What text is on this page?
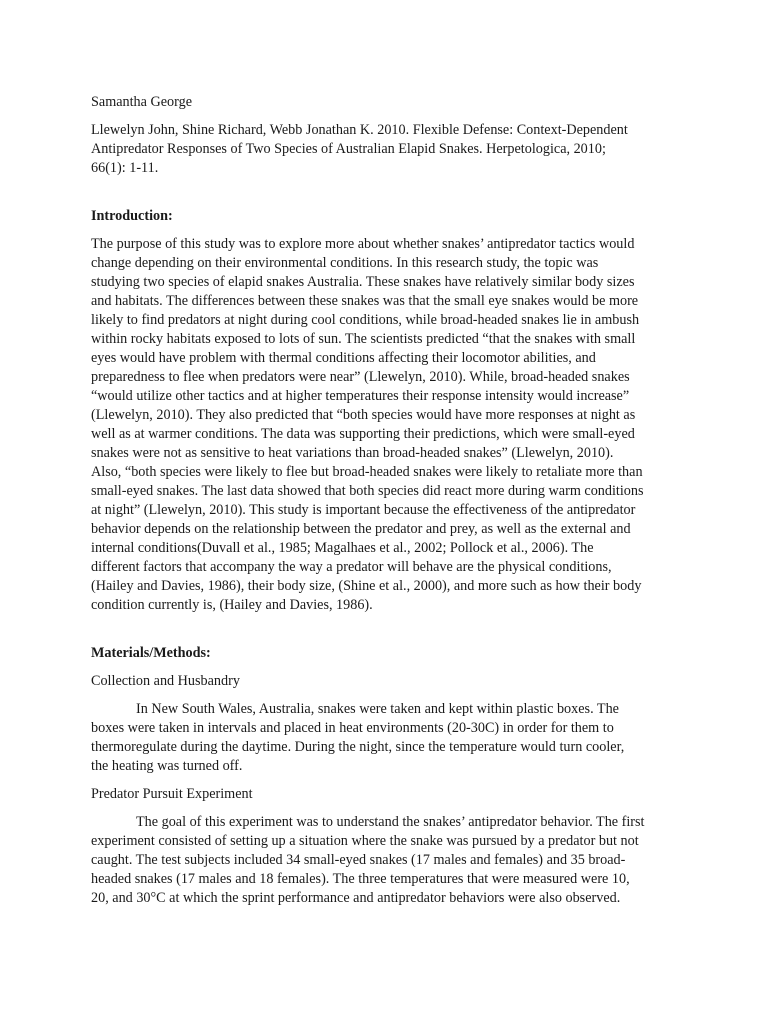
Samantha George
Llewelyn John, Shine Richard, Webb Jonathan K. 2010. Flexible Defense: Context-Dependent
Antipredator Responses of Two Species of Australian Elapid Snakes. Herpetologica, 2010;
66(1): 1-11.
Introduction:
The purpose of this study was to explore more about whether snakes’ antipredator tactics would
change depending on their environmental conditions. In this research study, the topic was
studying two species of elapid snakes Australia. These snakes have relatively similar body sizes
and habitats. The differences between these snakes was that the small eye snakes would be more
likely to find predators at night during cool conditions, while broad-headed snakes lie in ambush
within rocky habitats exposed to lots of sun. The scientists predicted “that the snakes with small
eyes would have problem with thermal conditions affecting their locomotor abilities, and
preparedness to flee when predators were near” (Llewelyn, 2010). While, broad-headed snakes
“would utilize other tactics and at higher temperatures their response intensity would increase”
(Llewelyn, 2010). They also predicted that “both species would have more responses at night as
well as at warmer conditions. The data was supporting their predictions, which were small-eyed
snakes were not as sensitive to heat variations than broad-headed snakes” (Llewelyn, 2010).
Also, “both species were likely to flee but broad-headed snakes were likely to retaliate more than
small-eyed snakes. The last data showed that both species did react more during warm conditions
at night” (Llewelyn, 2010). This study is important because the effectiveness of the antipredator
behavior depends on the relationship between the predator and prey, as well as the external and
internal conditions(Duvall et al., 1985; Magalhaes et al., 2002; Pollock et al., 2006). The
different factors that accompany the way a predator will behave are the physical conditions,
(Hailey and Davies, 1986), their body size, (Shine et al., 2000), and more such as how their body
condition currently is, (Hailey and Davies, 1986).
Materials/Methods:
Collection and Husbandry
In New South Wales, Australia, snakes were taken and kept within plastic boxes. The
boxes were taken in intervals and placed in heat environments (20-30C) in order for them to
thermoregulate during the daytime. During the night, since the temperature would turn cooler,
the heating was turned off.
Predator Pursuit Experiment
The goal of this experiment was to understand the snakes’ antipredator behavior. The first
experiment consisted of setting up a situation where the snake was pursued by a predator but not
caught. The test subjects included 34 small-eyed snakes (17 males and females) and 35 broad-
headed snakes (17 males and 18 females). The three temperatures that were measured were 10,
20, and 30°C at which the sprint performance and antipredator behaviors were also observed.
